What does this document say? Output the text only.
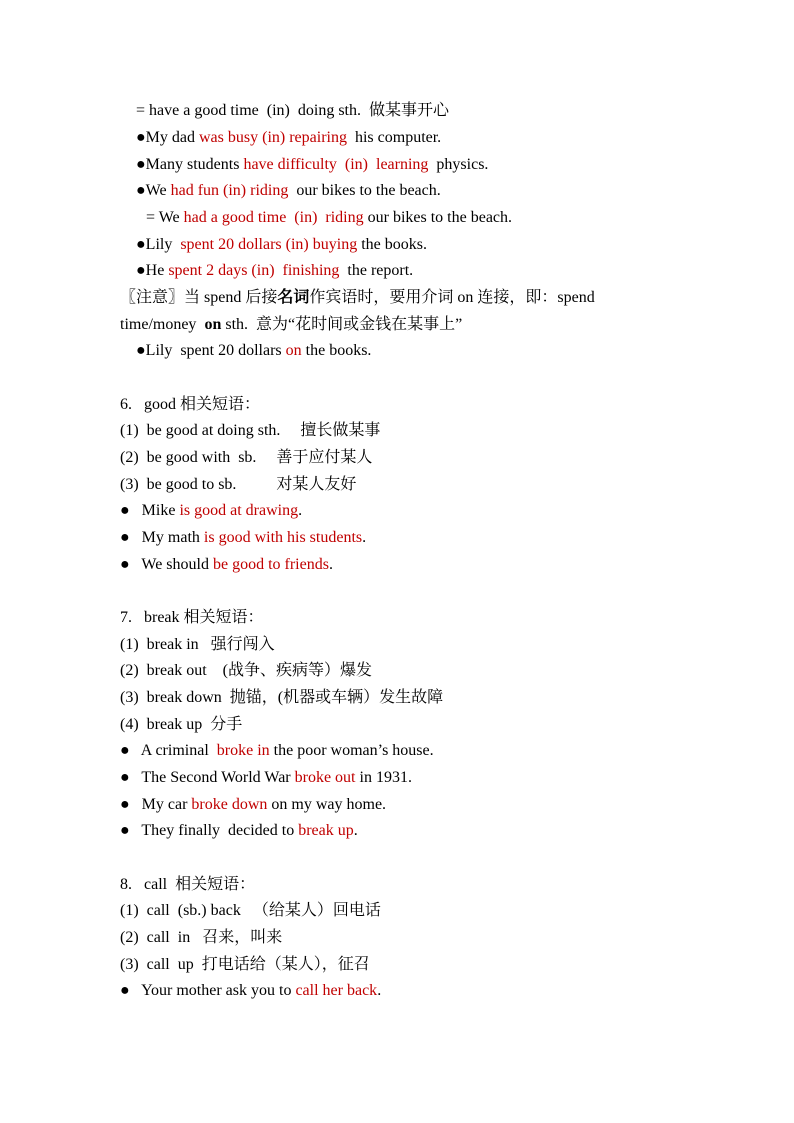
= have a good time  (in)  doing sth.  做某事开心
●My dad was busy (in) repairing  his computer.
●Many students have difficulty  (in)  learning  physics.
●We had fun (in) riding  our bikes to the beach.
= We had a good time  (in)  riding our bikes to the beach.
●Lily  spent 20 dollars (in) buying the books.
●He spent 2 days (in)  finishing  the report.
〖注意〗当 spend 后接名词作宾语时，要用介词 on 连接，即：spend
time/money  on sth.  意为“花时间或金钱在某事上”
●Lily  spent 20 dollars on the books.
6.   good 相关短语：
(1)  be good at doing sth.     擅长做某事
(2)  be good with  sb.     善于应付某人
(3)  be good to sb.          对某人友好
●   Mike is good at drawing.
●   My math is good with his students.
●   We should be good to friends.
7.   break 相关短语：
(1)  break in   强行闯入
(2)  break out    (战争、疾病等）爆发
(3)  break down  抛锚，(机器或车辆）发生故障
(4)  break up  分手
●   A criminal  broke in the poor woman’s house.
●   The Second World War broke out in 1931.
●   My car broke down on my way home.
●   They finally  decided to break up.
8.   call  相关短语：
(1)  call  (sb.) back   （给某人）回电话
(2)  call  in   召来，叫来
(3)  call  up  打电话给（某人），征召
●   Your mother ask you to call her back.
